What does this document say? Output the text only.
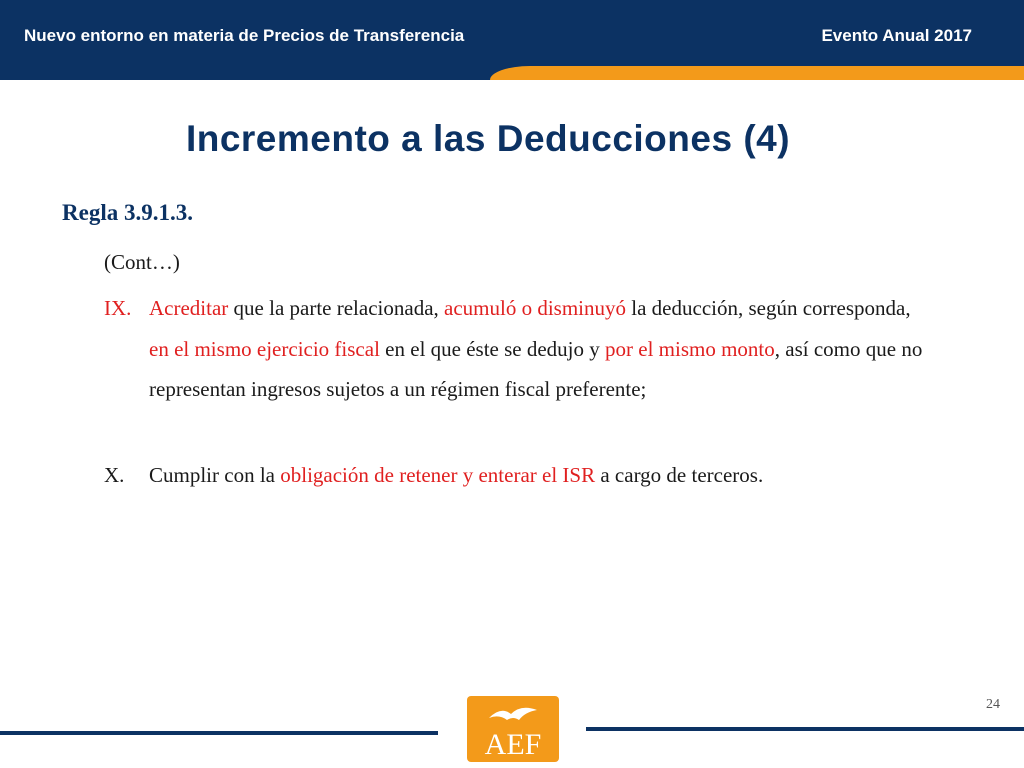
Nuevo entorno en materia de Precios de Transferencia	Evento Anual 2017
Incremento a las Deducciones (4)
Regla 3.9.1.3.
(Cont…)
IX. Acreditar que la parte relacionada, acumuló o disminuyó la deducción, según corresponda, en el mismo ejercicio fiscal en el que éste se dedujo y por el mismo monto, así como que no representan ingresos sujetos a un régimen fiscal preferente;
X. Cumplir con la obligación de retener y enterar el ISR a cargo de terceros.
24
AEF
